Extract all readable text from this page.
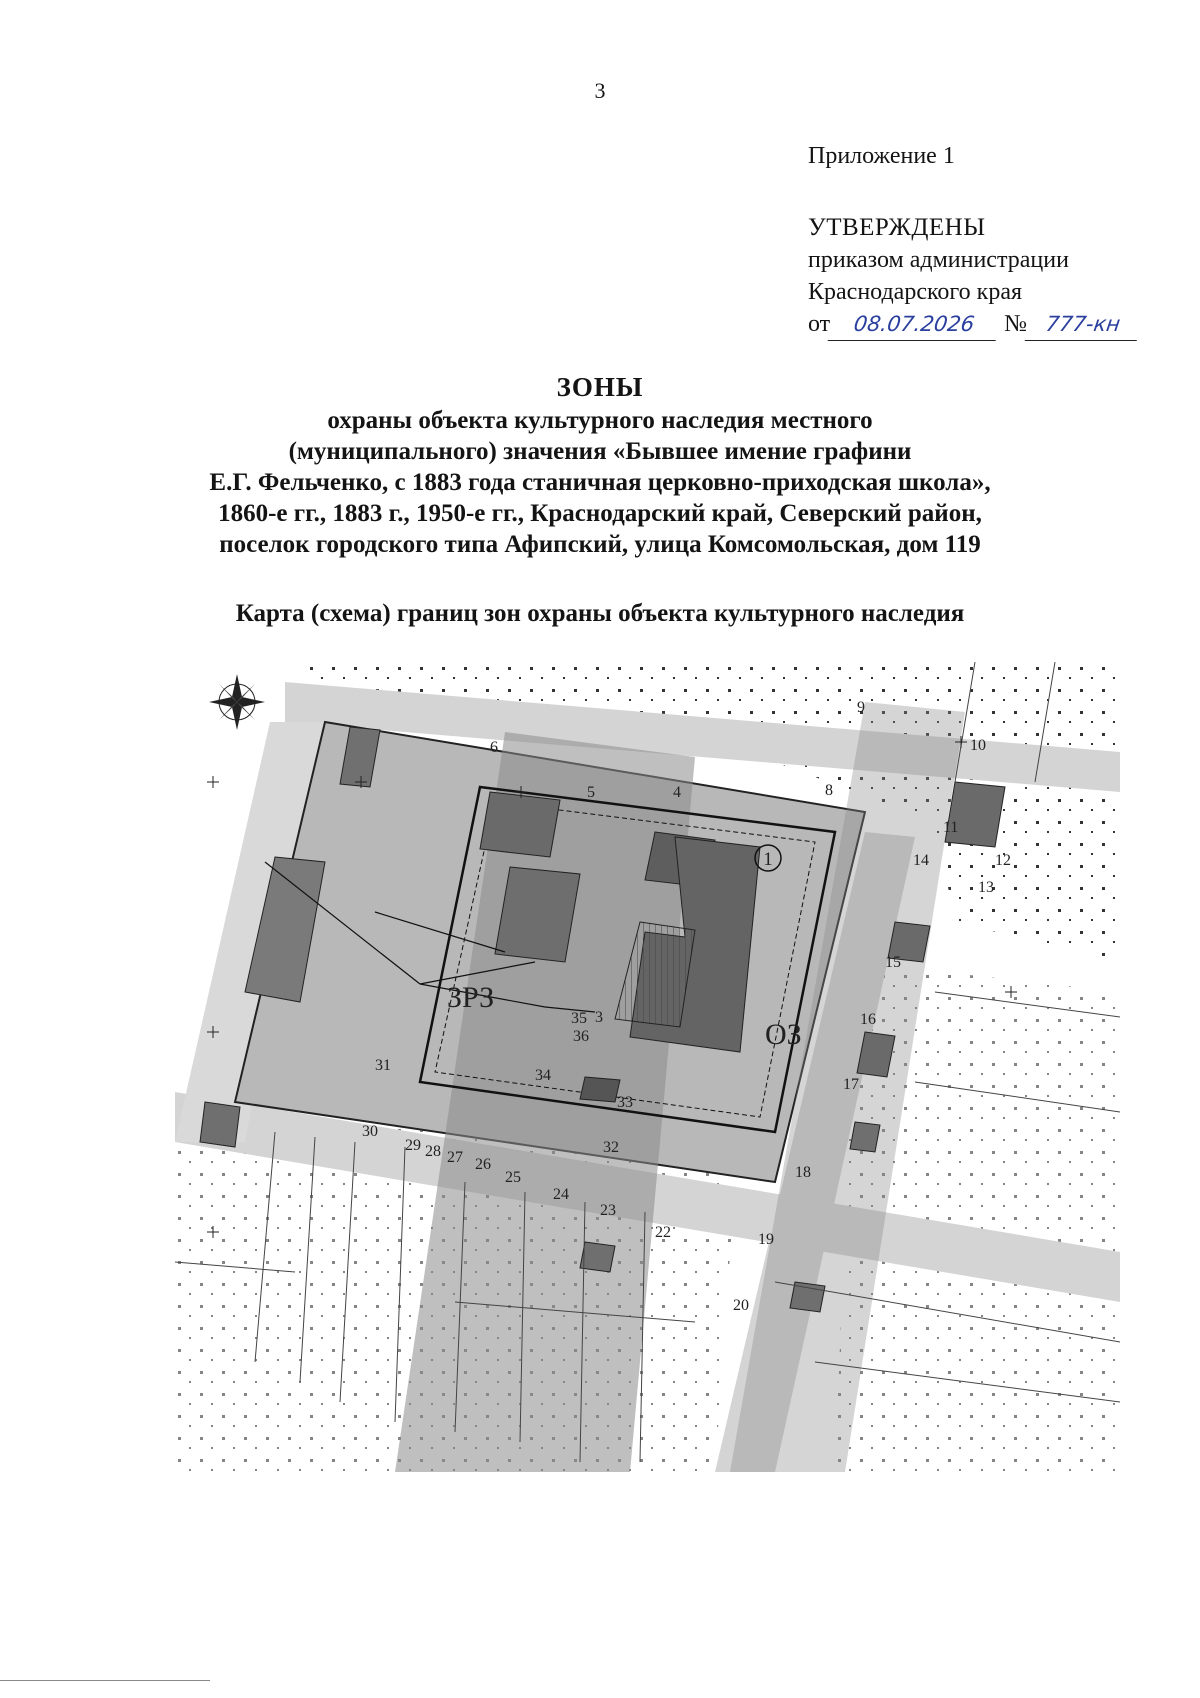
3
Приложение 1
УТВЕРЖДЕНЫ
приказом администрации
Краснодарского края
от 08.07.2026 № 777-кн
ЗОНЫ
охраны объекта культурного наследия местного
(муниципального) значения «Бывшее имение графини
Е.Г. Фельченко, с 1883 года станичная церковно-приходская школа»,
1860-е гг., 1883 г., 1950-е гг., Краснодарский край, Северский район,
поселок городского типа Афипский, улица Комсомольская, дом 119
Карта (схема) границ зон охраны объекта культурного наследия
1
ЗРЗ
ОЗ
3
4
5
6
8
9
10
11
12
13
14
15
16
17
18
19
20
22
23
24
25
26
27
28
29
30
31
32
33
34
35
36
